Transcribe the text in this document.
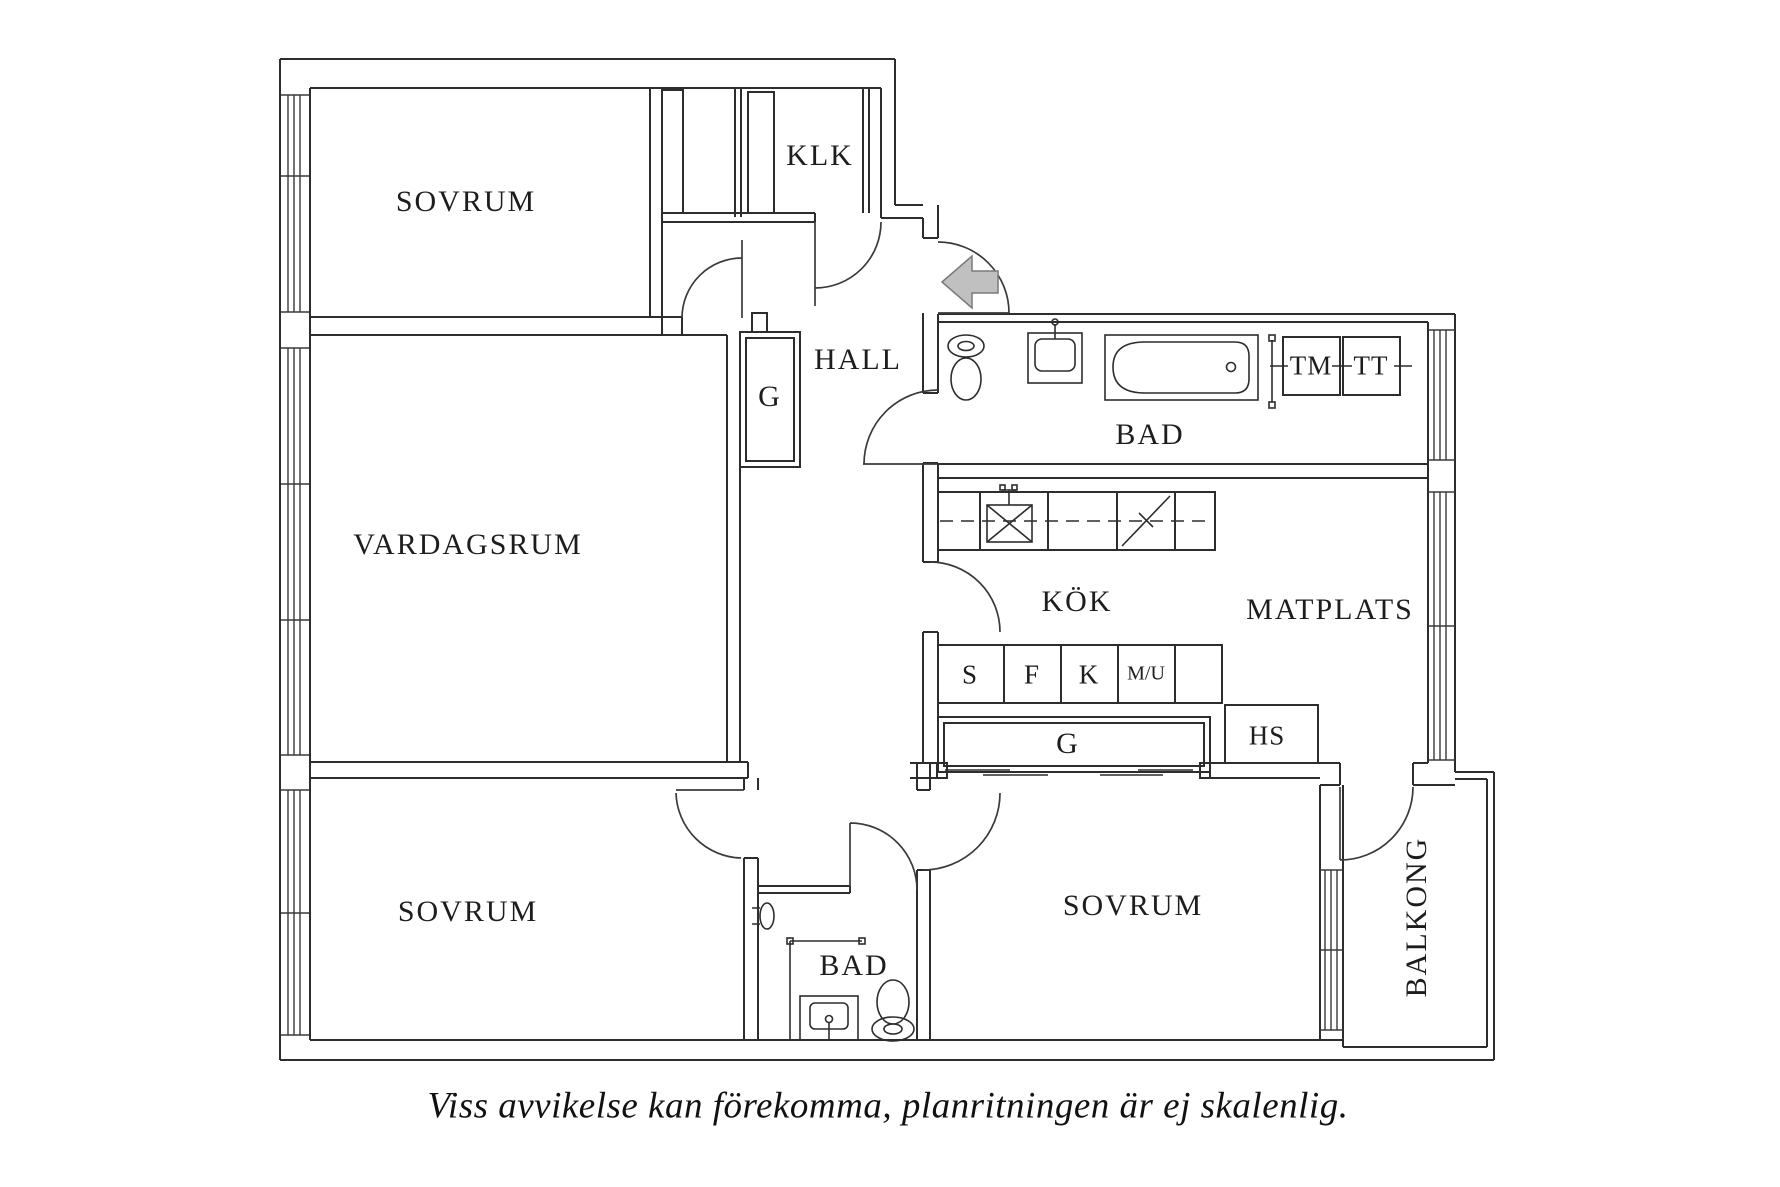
SOVRUM
KLK
HALL
G
VARDAGSRUM
BAD
TM TT
KÖK	MATPLATS
S F K M/U
G	HS
SOVRUM
BAD
SOVRUM	BALKONG
Viss avvikelse kan förekomma, planritningen är ej skalenlig.
